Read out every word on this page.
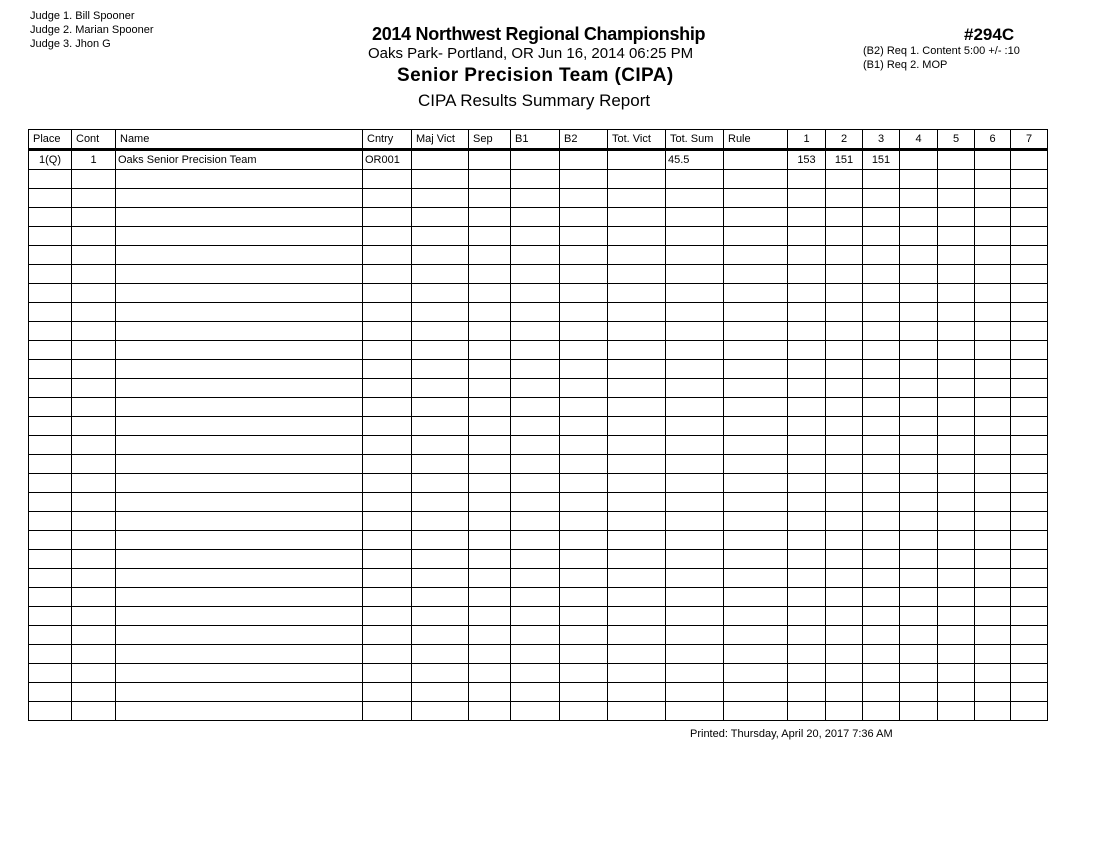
Judge 1. Bill Spooner
Judge 2. Marian Spooner
Judge 3. Jhon G	2014 Northwest Regional Championship
Oaks Park- Portland, OR Jun 16, 2014 06:25 PM
Senior Precision Team (CIPA)
CIPA Results Summary Report
#294C
(B2) Req 1. Content 5:00 +/- :10
(B1) Req 2. MOP
Place	Cont	Name	Cntry	Maj Vict	Sep	B1	B2	Tot. Vict	Tot. Sum	Rule	1	2	3	4	5	6	7
1(Q)	1	Oaks Senior Precision Team	OR001						45.5		153	151	151				

Printed: Thursday, April 20, 2017 7:36 AM
